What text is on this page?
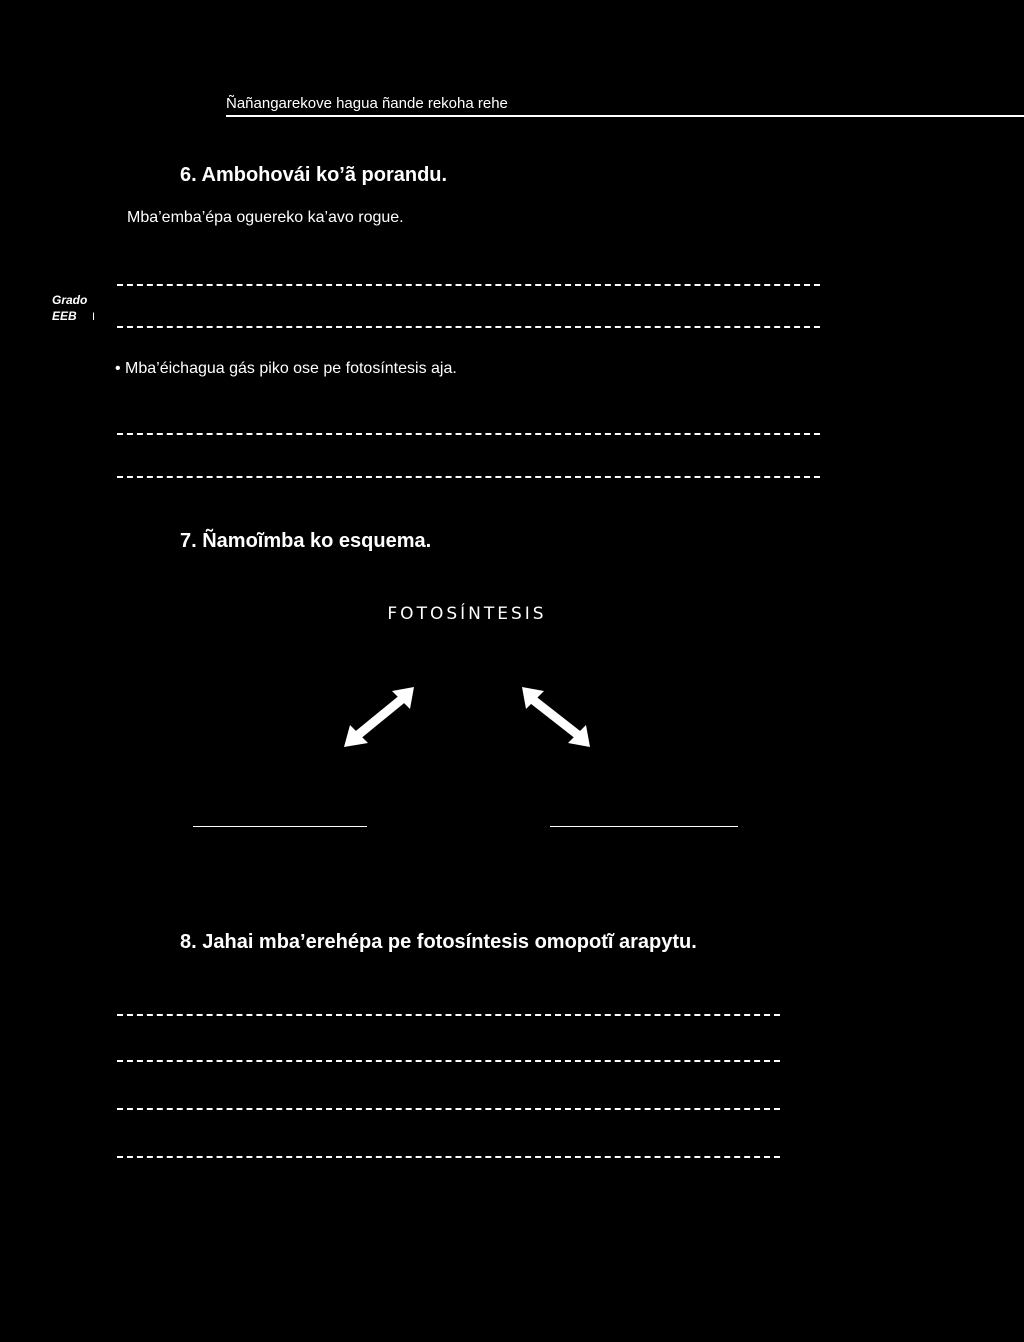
Ñañangarekove hagua ñande rekoha rehe
Grado
EEB I
6. Ambohovái ko’ã porandu.
Mba’emba’épa oguereko ka’avo rogue.
• Mba’éichagua gás piko ose pe fotosíntesis aja.
7. Ñamoĩmba ko esquema.
FOTOSÍNTESIS
8. Jahai mba’erehépa pe fotosíntesis omopotĩ arapytu.
